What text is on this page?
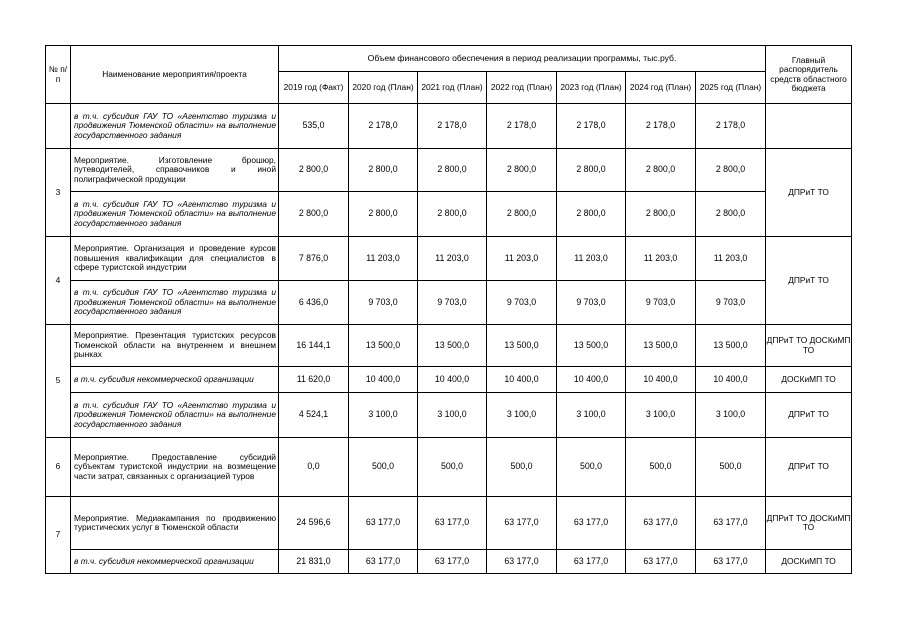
№ п/п	Наименование мероприятия/проекта	Объем финансового обеспечения в период реализации программы, тыс.руб.							Главный распорядитель средств областного бюджета
		2019 год (Факт)	2020 год (План)	2021 год (План)	2022 год (План)	2023 год (План)	2024 год (План)	2025 год (План)	
	в т.ч. субсидия ГАУ ТО «Агентство туризма и продвижения Тюменской области» на выполнение государственного задания	535,0	2 178,0	2 178,0	2 178,0	2 178,0	2 178,0	2 178,0	
3	Мероприятие. Изготовление брошюр, путеводителей, справочников и иной полиграфической продукции	2 800,0	2 800,0	2 800,0	2 800,0	2 800,0	2 800,0	2 800,0	ДПРиТ ТО
	в т.ч. субсидия ГАУ ТО «Агентство туризма и продвижения Тюменской области» на выполнение государственного задания	2 800,0	2 800,0	2 800,0	2 800,0	2 800,0	2 800,0	2 800,0	
4	Мероприятие. Организация и проведение курсов повышения квалификации для специалистов в сфере туристской индустрии	7 876,0	11 203,0	11 203,0	11 203,0	11 203,0	11 203,0	11 203,0	ДПРиТ ТО
	в т.ч. субсидия ГАУ ТО «Агентство туризма и продвижения Тюменской области» на выполнение государственного задания	6 436,0	9 703,0	9 703,0	9 703,0	9 703,0	9 703,0	9 703,0	
5	Мероприятие. Презентация туристских ресурсов Тюменской области на внутреннем и внешнем рынках	16 144,1	13 500,0	13 500,0	13 500,0	13 500,0	13 500,0	13 500,0	ДПРиТ ТО ДОСКиМП ТО
	в т.ч. субсидия некоммерческой организации	11 620,0	10 400,0	10 400,0	10 400,0	10 400,0	10 400,0	10 400,0	ДОСКиМП ТО
	в т.ч. субсидия ГАУ ТО «Агентство туризма и продвижения Тюменской области» на выполнение государственного задания	4 524,1	3 100,0	3 100,0	3 100,0	3 100,0	3 100,0	3 100,0	ДПРиТ ТО
6	Мероприятие. Предоставление субсидий субъектам туристской индустрии на возмещение части затрат, связанных с организацией туров	0,0	500,0	500,0	500,0	500,0	500,0	500,0	ДПРиТ ТО
7	Мероприятие. Медиакампания по продвижению туристических услуг в Тюменской области	24 596,6	63 177,0	63 177,0	63 177,0	63 177,0	63 177,0	63 177,0	ДПРиТ ТО ДОСКиМП ТО
	в т.ч. субсидия некоммерческой организации	21 831,0	63 177,0	63 177,0	63 177,0	63 177,0	63 177,0	63 177,0	ДОСКиМП ТО
